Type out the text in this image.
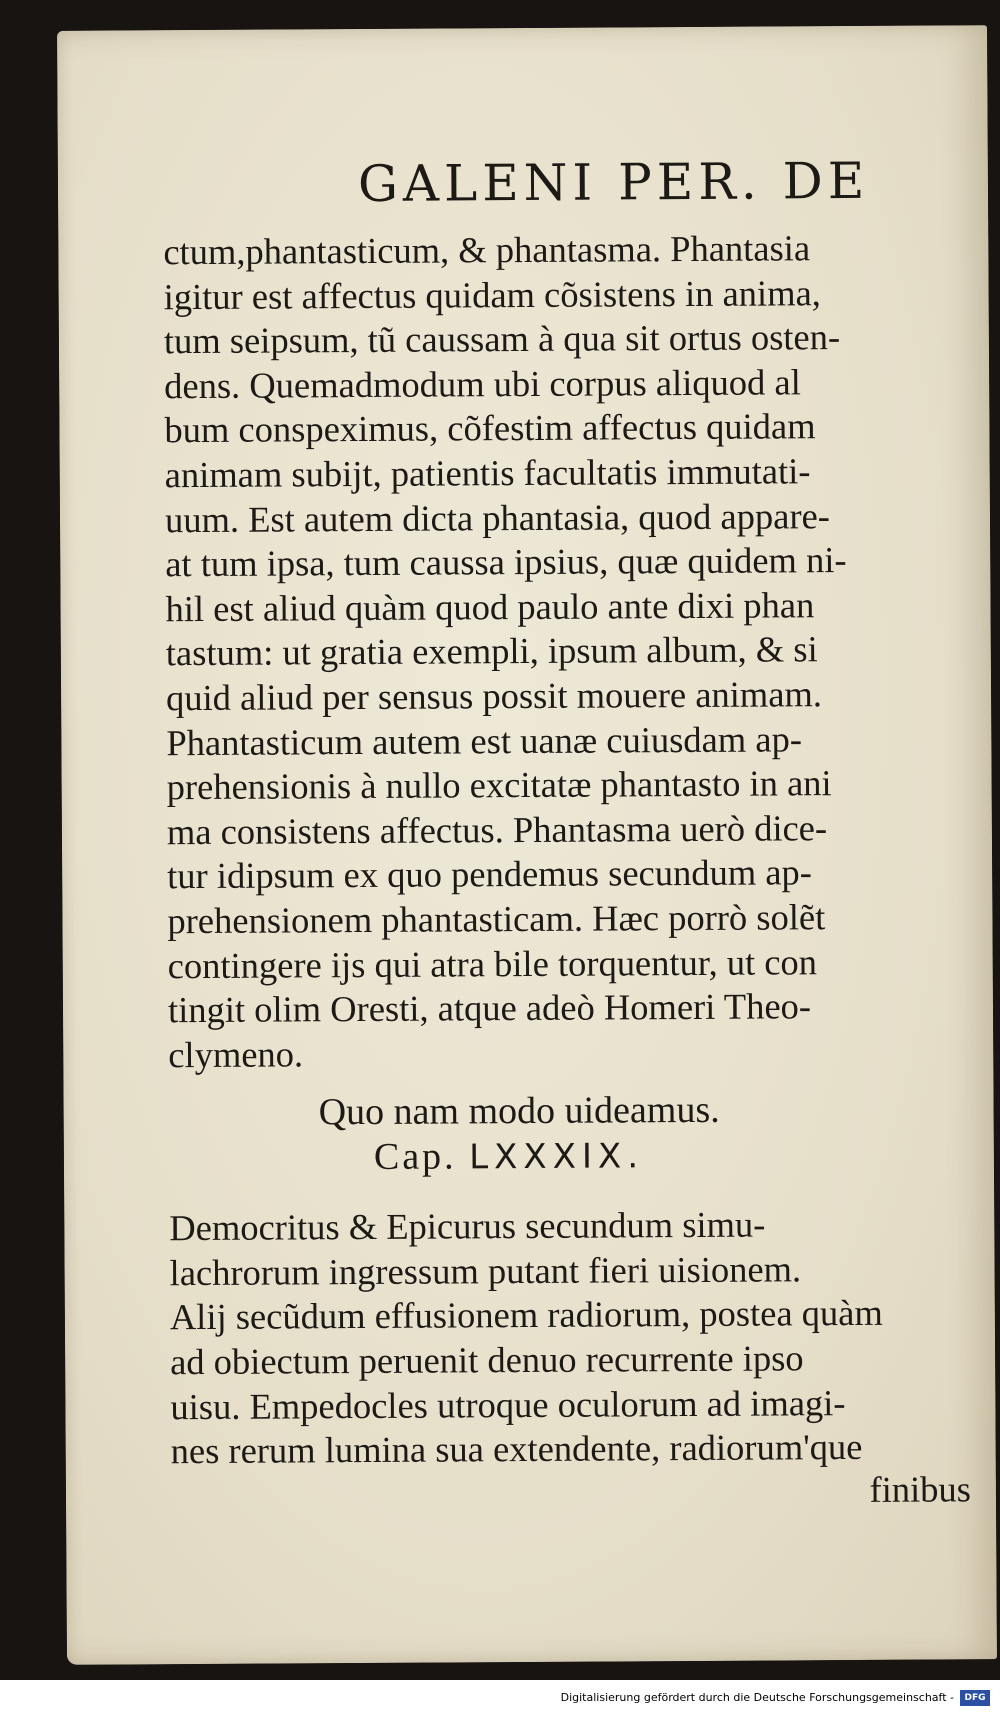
GALENI PER. DE

ctum,phantasticum, & phantasma. Phantasia

igitur est affectus quidam cõsistens in anima,

tum seipsum, tũ caussam à qua sit ortus osten-

dens. Quemadmodum ubi corpus aliquod al

bum conspeximus, cõfestim affectus quidam

animam subijt, patientis facultatis immutati-

uum. Est autem dicta phantasia, quod appare-

at tum ipsa, tum caussa ipsius, quæ quidem ni-

hil est aliud quàm quod paulo ante dixi phan

tastum: ut gratia exempli, ipsum album, & si

quid aliud per sensus possit mouere animam.

Phantasticum autem est uanæ cuiusdam ap-

prehensionis à nullo excitatæ phantasto in ani

ma consistens affectus. Phantasma uerò dice-

tur idipsum ex quo pendemus secundum ap-

prehensionem phantasticam. Hæc porrò solẽt

contingere ijs qui atra bile torquentur, ut con

tingit olim Oresti, atque adeò Homeri Theo-

clymeno.

Quo nam modo uideamus.

Cap. LXXXIX.

Democritus & Epicurus secundum simu-

lachrorum ingressum putant fieri uisionem.

Alij secũdum effusionem radiorum, postea quàm

ad obiectum peruenit denuo recurrente ipso

uisu. Empedocles utroque oculorum ad imagi-

nes rerum lumina sua extendente, radiorum'que

finibus

Digitalisierung gefördert durch die Deutsche Forschungsgemeinschaft -	DFG
